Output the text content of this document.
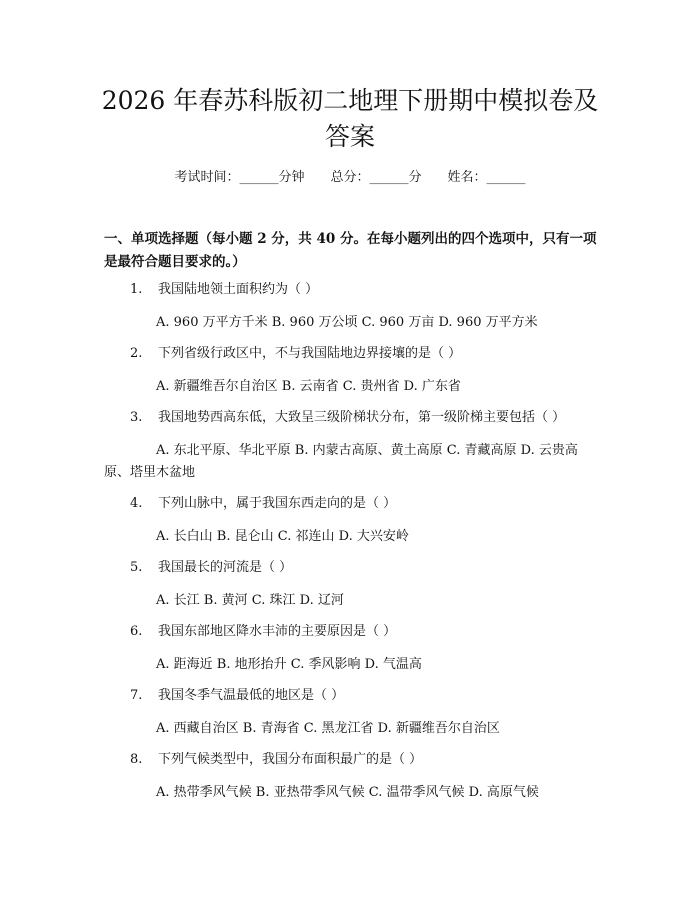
2026 年春苏科版初二地理下册期中模拟卷及答案
考试时间：______分钟 总分：______分 姓名：______

一、单项选择题（每小题 2 分，共 40 分。在每小题列出的四个选项中，只有一项是最符合题目要求的。）

1.	我国陆地领土面积约为（ ）
A. 960 万平方千米 B. 960 万公顷 C. 960 万亩 D. 960 万平方米
2.	下列省级行政区中，不与我国陆地边界接壤的是（ ）
A. 新疆维吾尔自治区 B. 云南省 C. 贵州省 D. 广东省
3.	我国地势西高东低，大致呈三级阶梯状分布，第一级阶梯主要包括（ ）
A. 东北平原、华北平原 B. 内蒙古高原、黄土高原 C. 青藏高原 D. 云贵高原、塔里木盆地
4.	下列山脉中，属于我国东西走向的是（ ）
A. 长白山 B. 昆仑山 C. 祁连山 D. 大兴安岭
5.	我国最长的河流是（ ）
A. 长江 B. 黄河 C. 珠江 D. 辽河
6.	我国东部地区降水丰沛的主要原因是（ ）
A. 距海近 B. 地形抬升 C. 季风影响 D. 气温高
7.	我国冬季气温最低的地区是（ ）
A. 西藏自治区 B. 青海省 C. 黑龙江省 D. 新疆维吾尔自治区
8.	下列气候类型中，我国分布面积最广的是（ ）
A. 热带季风气候 B. 亚热带季风气候 C. 温带季风气候 D. 高原气候
